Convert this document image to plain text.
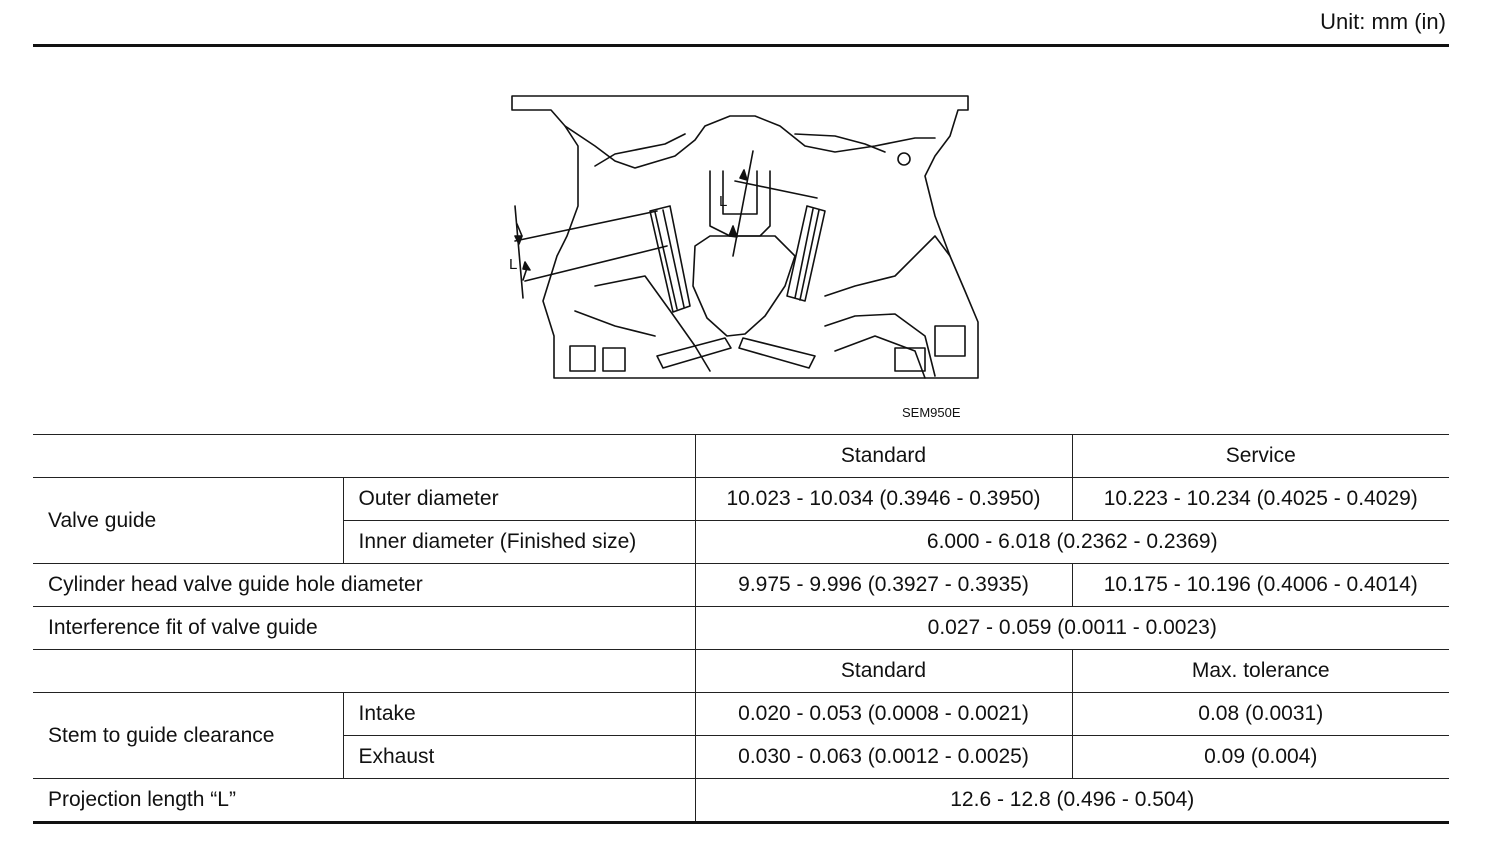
Unit: mm (in)
L
L
SEM950E
		Standard	Service
Valve guide	Outer diameter	10.023 - 10.034 (0.3946 - 0.3950)	10.223 - 10.234 (0.4025 - 0.4029)
	Inner diameter (Finished size)	6.000 - 6.018 (0.2362 - 0.2369)	
Cylinder head valve guide hole diameter		9.975 - 9.996 (0.3927 - 0.3935)	10.175 - 10.196 (0.4006 - 0.4014)
Interference fit of valve guide		0.027 - 0.059 (0.0011 - 0.0023)	
		Standard	Max. tolerance
Stem to guide clearance	Intake	0.020 - 0.053 (0.0008 - 0.0021)	0.08 (0.0031)
	Exhaust	0.030 - 0.063 (0.0012 - 0.0025)	0.09 (0.004)
Projection length “L”		12.6 - 12.8 (0.496 - 0.504)	
